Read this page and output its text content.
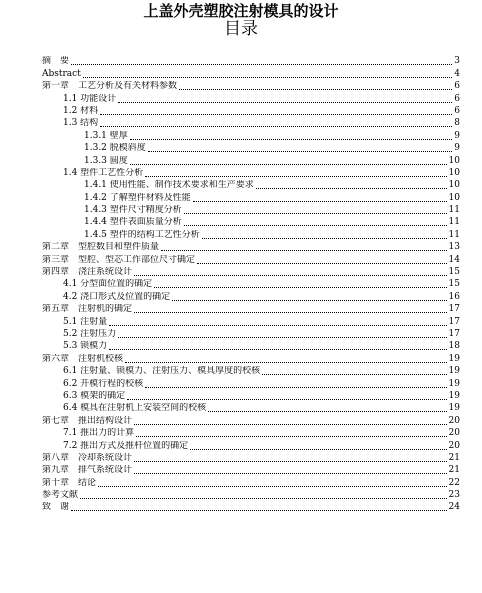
上盖外壳塑胶注射模具的设计
目录
摘　要	3
Abstract	4
第一章　工艺分析及有关材料参数	6
1.1 功能设计	6
1.2 材料	6
1.3 结构	8
1.3.1 壁厚	9
1.3.2 脱模斜度	9
1.3.3 圆度	10
1.4 塑件工艺性分析	10
1.4.1 使用性能、制作技术要求和生产要求	10
1.4.2 了解塑件材料及性能	10
1.4.3 塑件尺寸精度分析	11
1.4.4 塑件表面质量分析	11
1.4.5 塑件的结构工艺性分析	11
第二章　型腔数目和塑件质量	13
第三章　型腔、型芯工作部位尺寸确定	14
第四章　浇注系统设计	15
4.1 分型面位置的确定	15
4.2 浇口形式及位置的确定	16
第五章　注射机的确定	17
5.1 注射量	17
5.2 注射压力	17
5.3 锁模力	18
第六章　注射机校核	19
6.1 注射量、锁模力、注射压力、模具厚度的校核	19
6.2 开模行程的校核	19
6.3 模架的确定	19
6.4 模具在注射机上安装空间的校核	19
第七章　推出结构设计	20
7.1 推出力的计算	20
7.2 推出方式及推杆位置的确定	20
第八章　冷却系统设计	21
第九章　排气系统设计	21
第十章　结论	22
参考文献	23
致　谢	24
